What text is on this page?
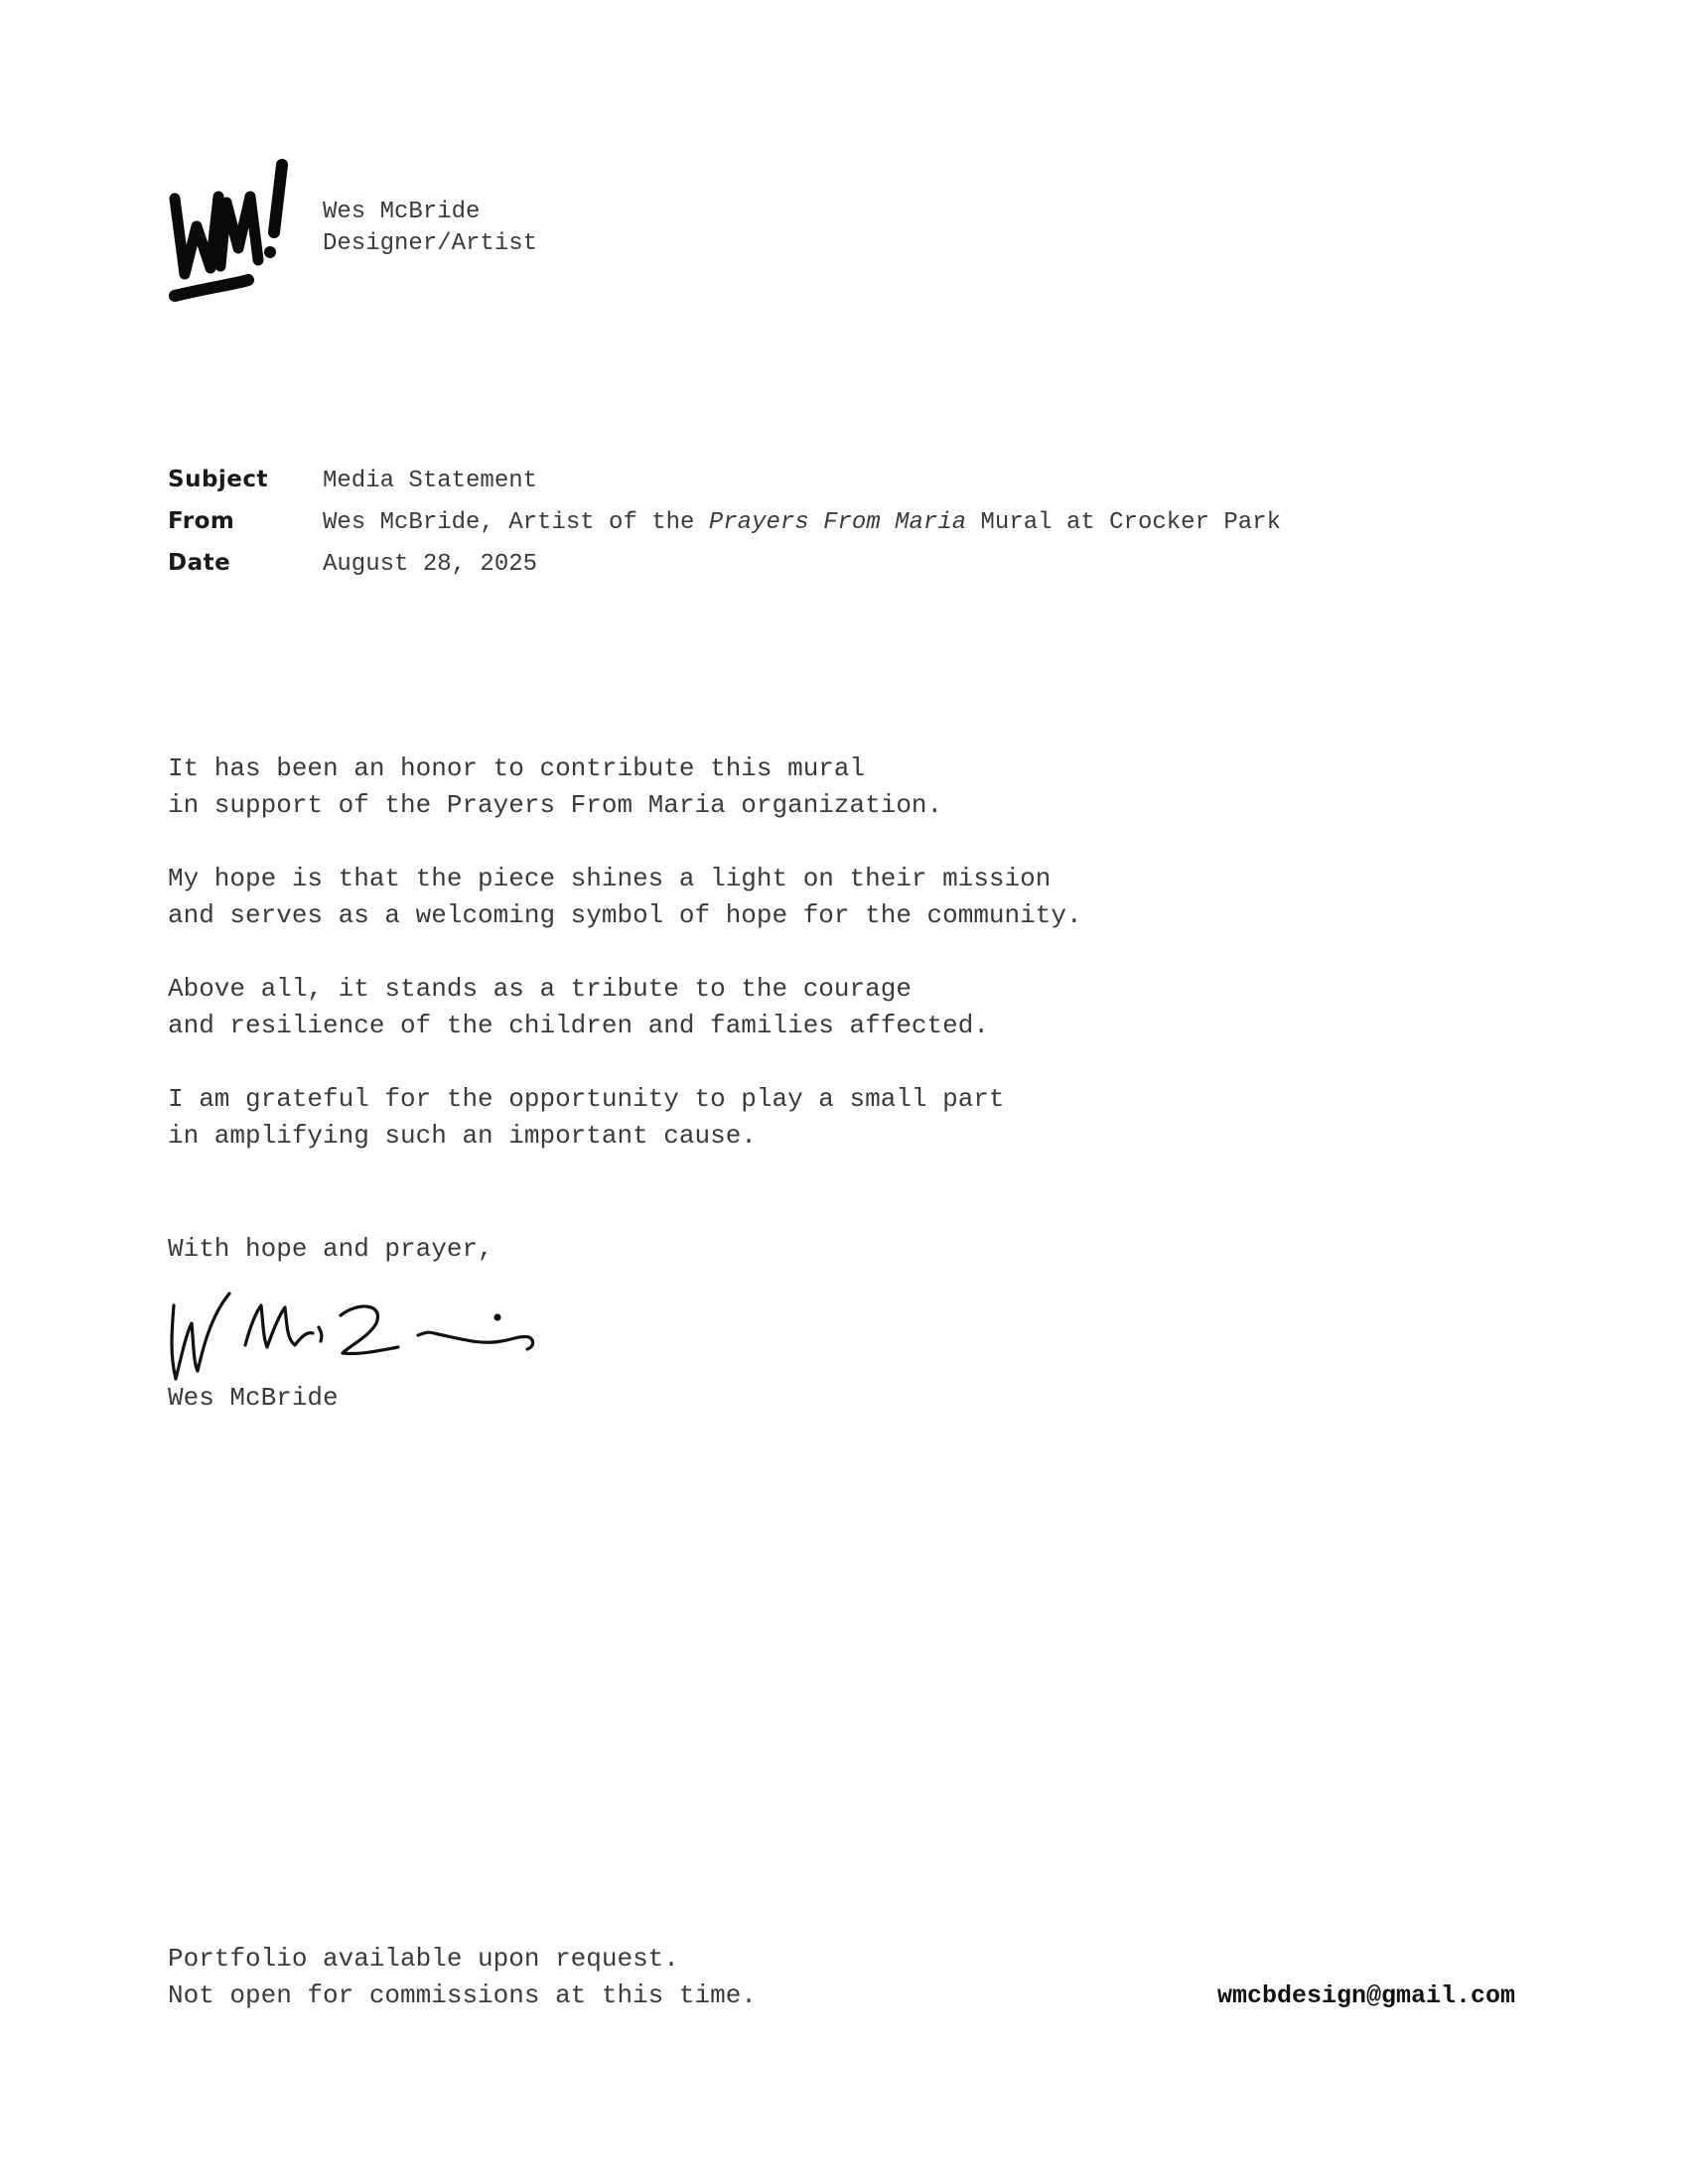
Wes McBride
Designer/Artist
Subject	Media Statement
From	Wes McBride, Artist of the Prayers From Maria Mural at Crocker Park
Date	August 28, 2025
It has been an honor to contribute this mural
in support of the Prayers From Maria organization.
My hope is that the piece shines a light on their mission
and serves as a welcoming symbol of hope for the community.
Above all, it stands as a tribute to the courage
and resilience of the children and families affected.
I am grateful for the opportunity to play a small part
in amplifying such an important cause.
With hope and prayer,
Wes McBride
Portfolio available upon request.
Not open for commissions at this time.	wmcbdesign@gmail.com
